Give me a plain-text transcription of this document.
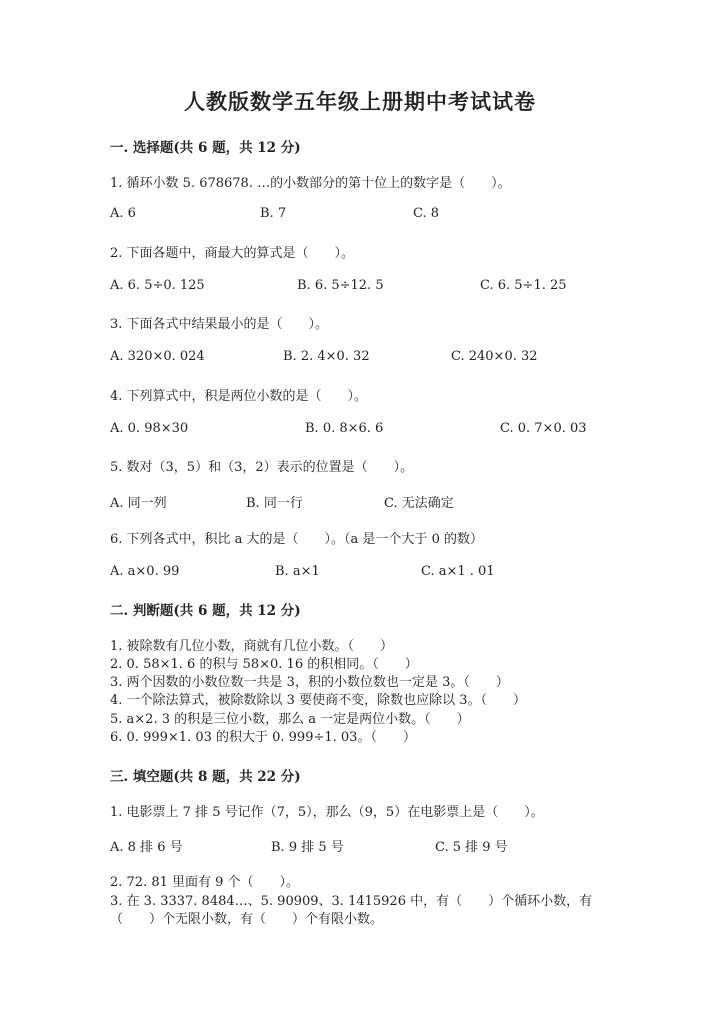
人教版数学五年级上册期中考试试卷
一. 选择题(共 6 题，共 12 分)
1. 循环小数 5. 678678. …的小数部分的第十位上的数字是（　　）。
A. 6	B. 7	C. 8
2. 下面各题中，商最大的算式是（　　）。
A. 6. 5÷0. 125	B. 6. 5÷12. 5	C. 6. 5÷1. 25
3. 下面各式中结果最小的是（　　）。
A. 320×0. 024	B. 2. 4×0. 32	C. 240×0. 32
4. 下列算式中，积是两位小数的是（　　）。
A. 0. 98×30	B. 0. 8×6. 6	C. 0. 7×0. 03
5. 数对（3，5）和（3，2）表示的位置是（　　）。
A. 同一列	B. 同一行	C. 无法确定
6. 下列各式中，积比 a 大的是（　　）。（a 是一个大于 0 的数）
A. a×0. 99	B. a×1	C. a×1 . 01
二. 判断题(共 6 题，共 12 分)
1. 被除数有几位小数，商就有几位小数。（　　）
2. 0. 58×1. 6 的积与 58×0. 16 的积相同。（　　）
3. 两个因数的小数位数一共是 3，积的小数位数也一定是 3。（　　）
4. 一个除法算式，被除数除以 3 要使商不变，除数也应除以 3。（　　）
5. a×2. 3 的积是三位小数，那么 a 一定是两位小数。（　　）
6. 0. 999×1. 03 的积大于 0. 999÷1. 03。（　　）
三. 填空题(共 8 题，共 22 分)
1. 电影票上 7 排 5 号记作（7，5），那么（9，5）在电影票上是（　　）。
A. 8 排 6 号	B. 9 排 5 号	C. 5 排 9 号
2. 72. 81 里面有 9 个（　　）。
3. 在 3. 3337. 8484…、5. 90909、3. 1415926 中，有（　　）个循环小数，有
（　　）个无限小数，有（　　）个有限小数。
